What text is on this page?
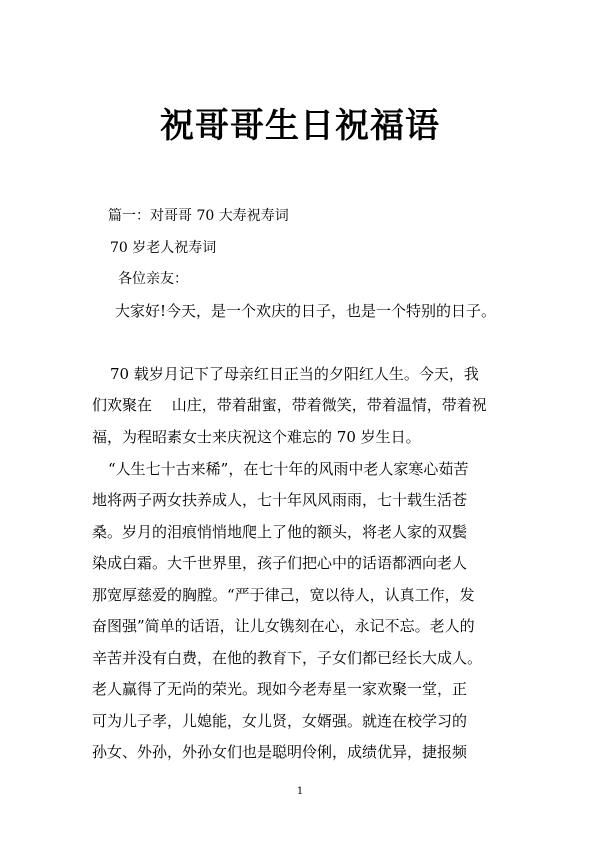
祝哥哥生日祝福语
篇一：对哥哥 70 大寿祝寿词
70 岁老人祝寿词
各位亲友：
大家好!今天，是一个欢庆的日子，也是一个特别的日子。
70 载岁月记下了母亲红日正当的夕阳红人生。今天，我
们欢聚在　 山庄，带着甜蜜，带着微笑，带着温情，带着祝
福，为程昭素女士来庆祝这个难忘的 70 岁生日。
“人生七十古来稀”，在七十年的风雨中老人家寒心茹苦
地将两子两女扶养成人，七十年风风雨雨，七十载生活苍
桑。岁月的泪痕悄悄地爬上了他的额头，将老人家的双鬓
染成白霜。大千世界里，孩子们把心中的话语都洒向老人
那宽厚慈爱的胸膛。“严于律己，宽以待人，认真工作，发
奋图强”简单的话语，让儿女镌刻在心，永记不忘。老人的
辛苦并没有白费，在他的教育下，子女们都已经长大成人。
老人赢得了无尚的荣光。现如今老寿星一家欢聚一堂，正
可为儿子孝，儿媳能，女儿贤，女婿强。就连在校学习的
孙女、外孙，外孙女们也是聪明伶俐，成绩优异，捷报频
1
